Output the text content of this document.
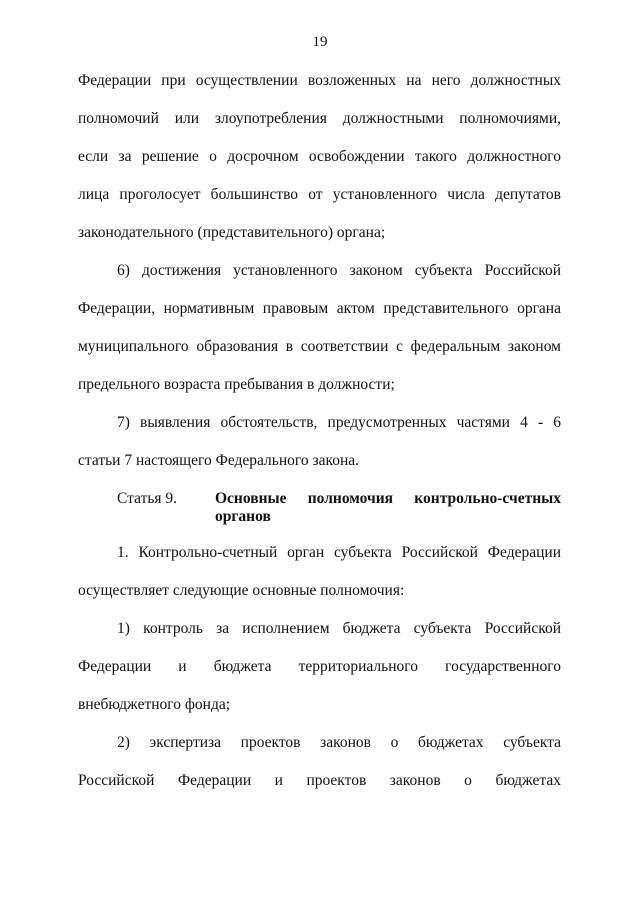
19
Федерации при осуществлении возложенных на него должностных
полномочий или злоупотребления должностными полномочиями,
если за решение о досрочном освобождении такого должностного
лица проголосует большинство от установленного числа депутатов
законодательного (представительного) органа;
6) достижения установленного законом субъекта Российской
Федерации, нормативным правовым актом представительного органа
муниципального образования в соответствии с федеральным законом
предельного возраста пребывания в должности;
7) выявления обстоятельств, предусмотренных частями 4 - 6
статьи 7 настоящего Федерального закона.
Статья 9. Основные полномочия контрольно-счетных
органов
1. Контрольно-счетный орган субъекта Российской Федерации
осуществляет следующие основные полномочия:
1) контроль за исполнением бюджета субъекта Российской
Федерации и бюджета территориального государственного
внебюджетного фонда;
2) экспертиза проектов законов о бюджетах субъекта
Российской Федерации и проектов законов о бюджетах
